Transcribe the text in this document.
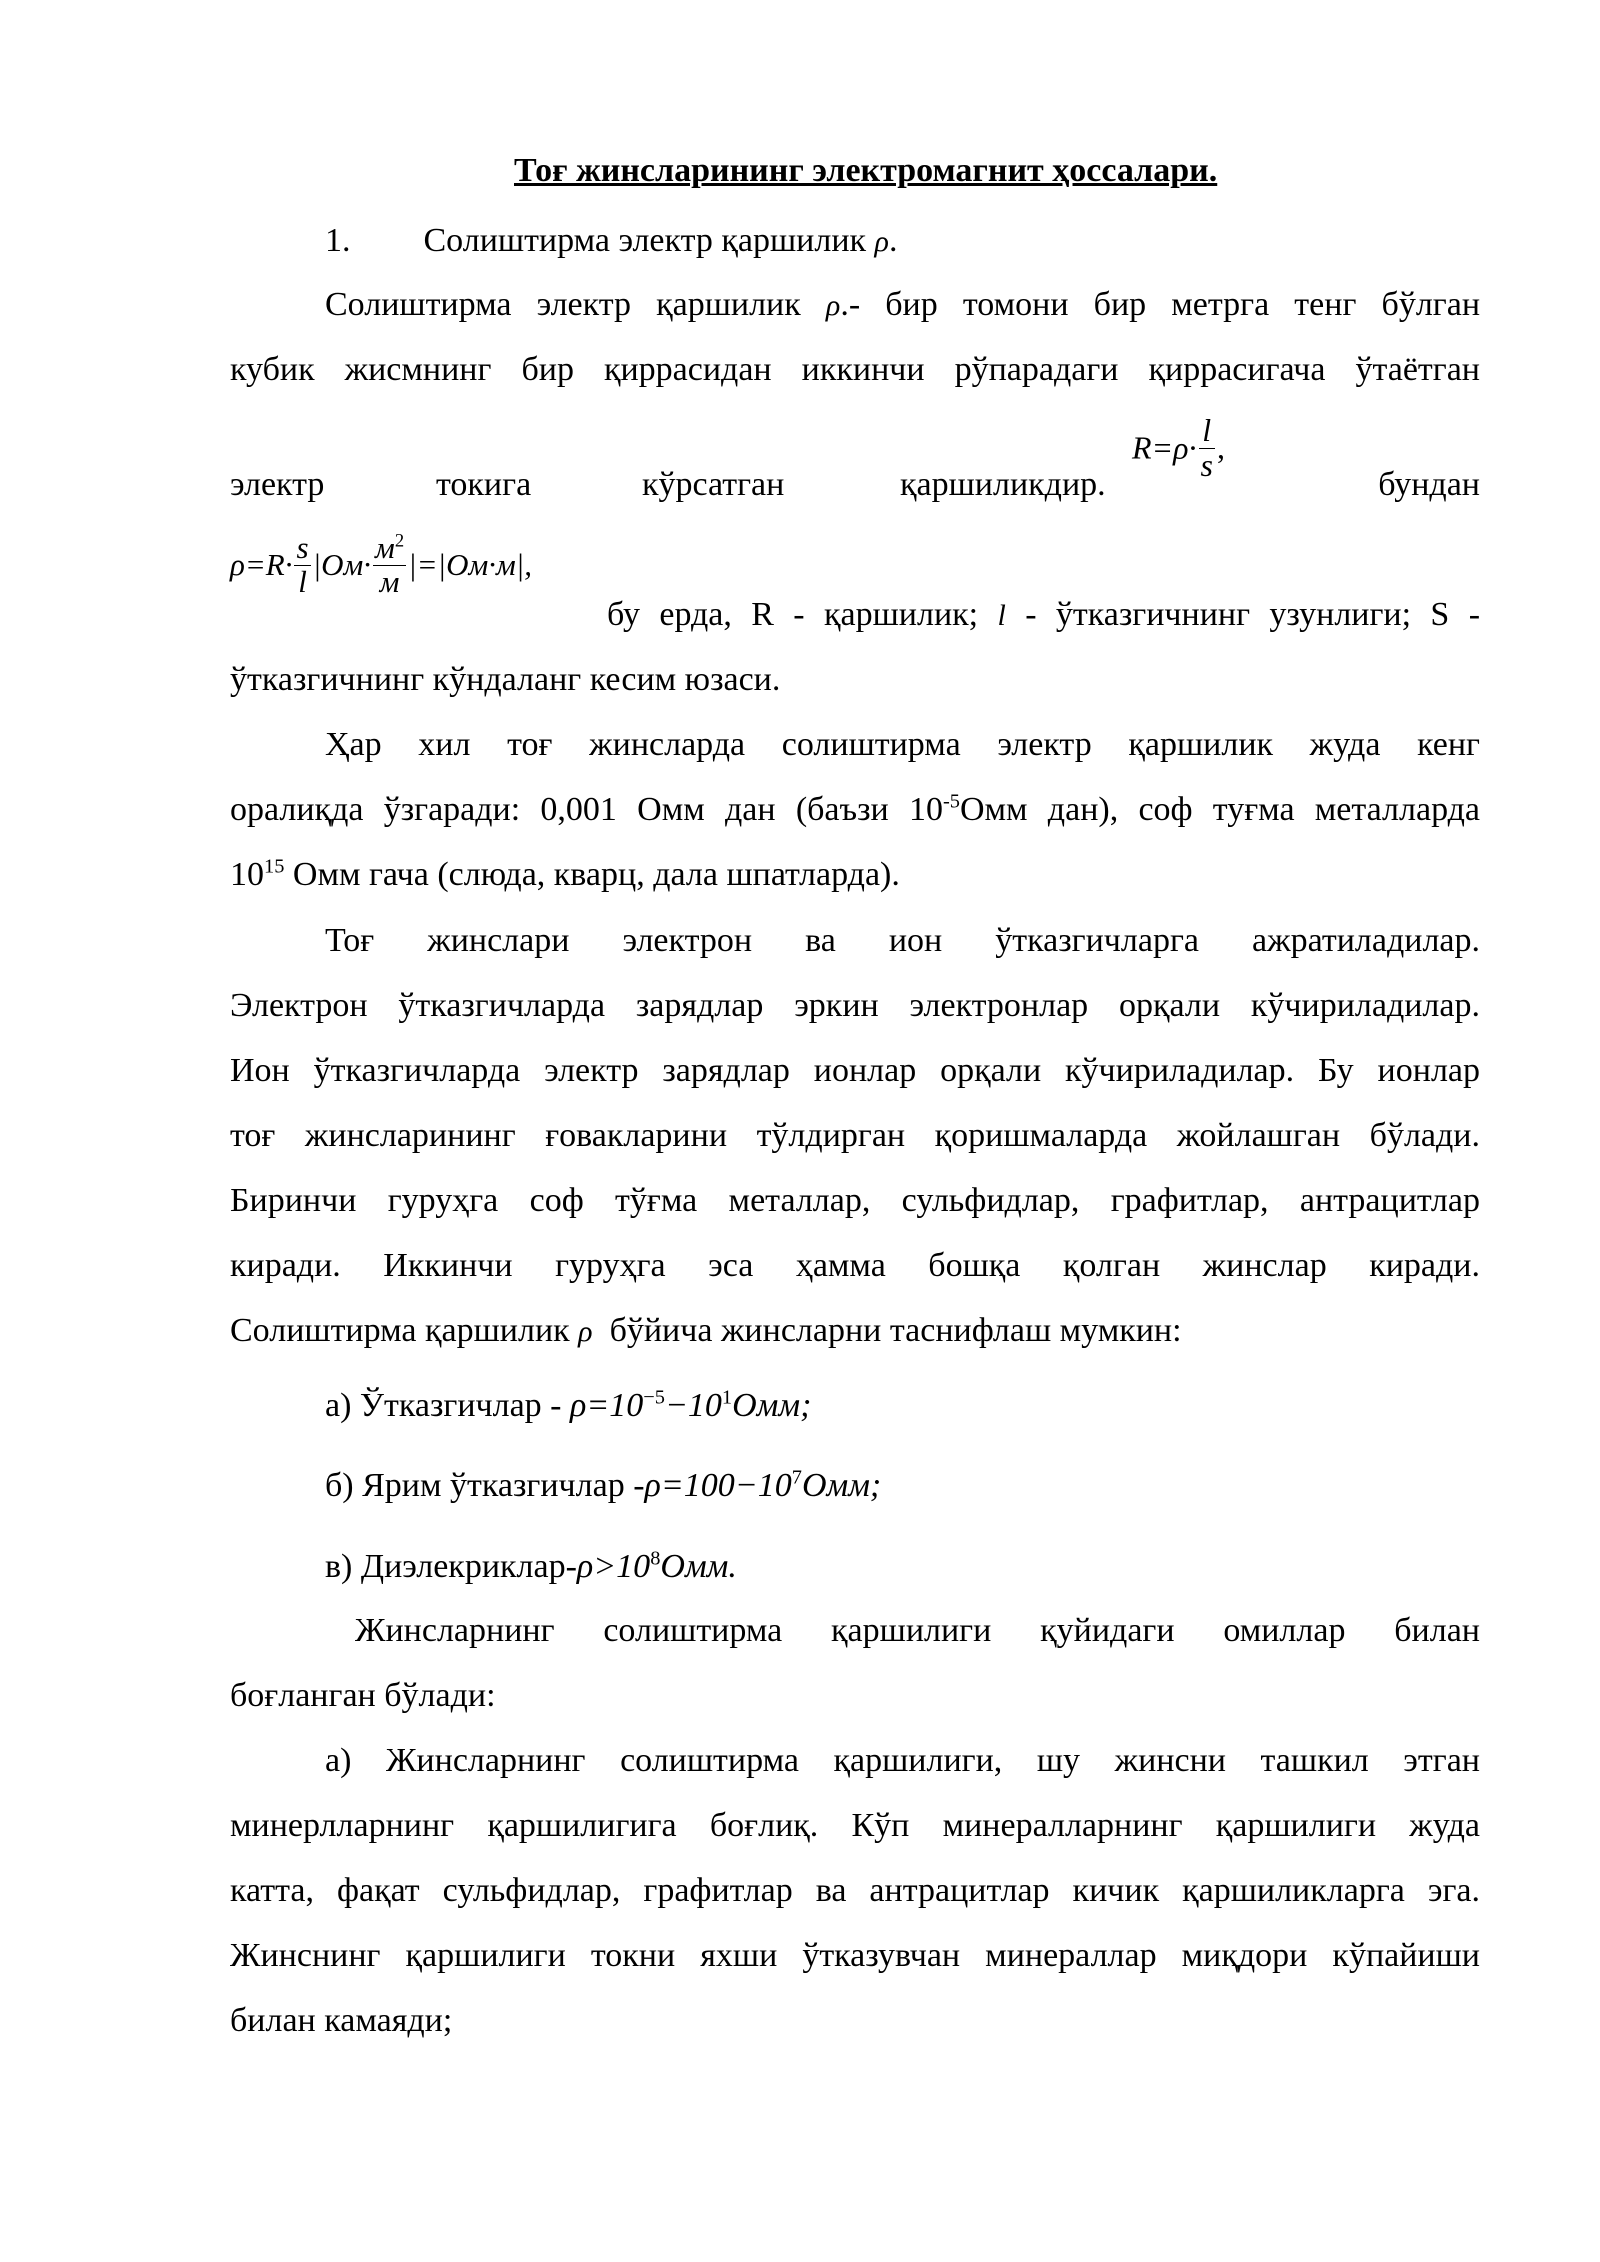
Тоғ жинсларининг электромагнит ҳоссалари.
1. Солиштирма электр қаршилик ρ.
Солиштирма электр қаршилик ρ.- бир томони бир метрга тенг бўлган
кубик жисмнинг бир қиррасидан иккинчи рўпарадаги қиррасигача ўтаётган
электр	токига	кўрсатган	қаршиликдир.	бундан
$R=\rho\cdot \frac{l}{s}$ ,
$\rho=R\cdot \frac{s}{l} |Ом\cdot \frac{м^2}{м} |=|Ом\cdot м|$,
бу ерда, R - қаршилик; l - ўтказгичнинг узунлиги; S -
ўтказгичнинг кўндаланг кесим юзаси.
Ҳар хил тоғ жинсларда солиштирма электр қаршилик жуда кенг
оралиқда ўзгаради: 0,001 Омм дан (баъзи $10^{-5}Омм$ дан), соф туғма металларда
$10^{15}$ Омм гача (слюда, кварц, дала шпатларда).
Тоғ жинслари электрон ва ион ўтказгичларга ажратиладилар.
Электрон ўтказгичларда зарядлар эркин электронлар орқали кўчириладилар.
Ион ўтказгичларда электр зарядлар ионлар орқали кўчириладилар. Бу ионлар
тоғ жинсларининг ғовакларини тўлдирган қоришмаларда жойлашган бўлади.
Биринчи гуруҳга соф тўғма металлар, сульфидлар, графитлар, антрацитлар
киради. Иккинчи гуруҳга эса ҳамма бошқа қолган жинслар киради.
Солиштирма қаршилик ρ  бўйича жинсларни таснифлаш мумкин:
а) Ўтказгичлар - $\rho=10^{-5}-10^1Омм$;
б) Ярим ўтказгичлар $-\rho=100-10^7Омм$;
в) Диэлекриклар-$\rho>10^8Омм$.
Жинсларнинг солиштирма қаршилиги қуйидаги омиллар билан
боғланган бўлади:
а) Жинсларнинг солиштирма қаршилиги, шу жинсни ташкил этган
минерлларнинг қаршилигига боғлиқ. Кўп минералларнинг қаршилиги жуда
катта, фақат сульфидлар, графитлар ва антрацитлар кичик қаршиликларга эга.
Жинснинг қаршилиги токни яхши ўтказувчан минераллар миқдори кўпайиши
билан камаяди;
